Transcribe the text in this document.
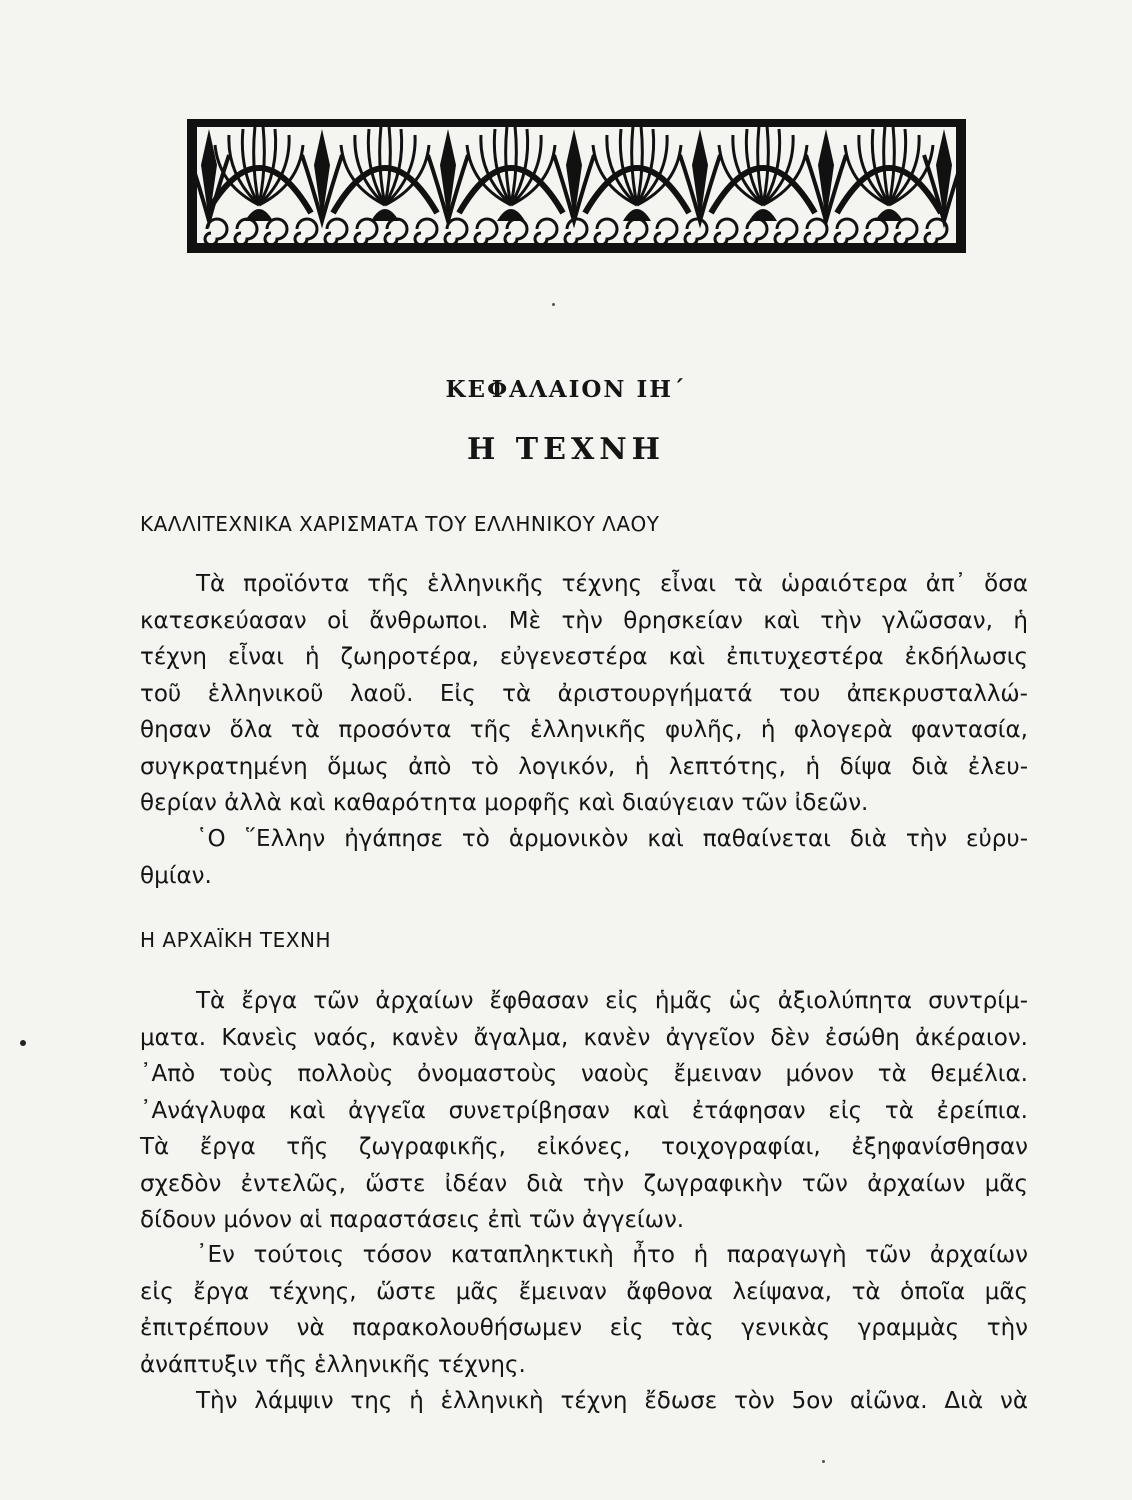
ΚΕΦΑΛΑΙΟΝ ΙΗ΄
Η ΤΕΧΝΗ
ΚΑΛΛΙΤΕΧΝΙΚΑ ΧΑΡΙΣΜΑΤΑ ΤΟΥ ΕΛΛΗΝΙΚΟΥ ΛΑΟΥ

Τὰ προϊόντα τῆς ἑλληνικῆς τέχνης εἶναι τὰ ὡραιότερα ἀπ᾽ ὅσα
κατεσκεύασαν οἱ ἄνθρωποι. Μὲ τὴν θρησκείαν καὶ τὴν γλῶσσαν, ἡ
τέχνη εἶναι ἡ ζωηροτέρα, εὐγενεστέρα καὶ ἐπιτυχεστέρα ἐκδήλωσις
τοῦ ἑλληνικοῦ λαοῦ. Εἰς τὰ ἀριστουργήματά του ἀπεκρυσταλλώ-
θησαν ὅλα τὰ προσόντα τῆς ἑλληνικῆς φυλῆς, ἡ φλογερὰ φαντασία,
συγκρατημένη ὅμως ἀπὸ τὸ λογικόν, ἡ λεπτότης, ἡ δίψα διὰ ἐλευ-
θερίαν ἀλλὰ καὶ καθαρότητα μορφῆς καὶ διαύγειαν τῶν ἰδεῶν.

῾Ο ῞Ελλην ἠγάπησε τὸ ἁρμονικὸν καὶ παθαίνεται διὰ τὴν εὐρυ-
θμίαν.

Η ΑΡΧΑΪΚΗ ΤΕΧΝΗ

Τὰ ἔργα τῶν ἀρχαίων ἔφθασαν εἰς ἡμᾶς ὡς ἀξιολύπητα συντρίμ-
ματα. Κανεὶς ναός, κανὲν ἄγαλμα, κανὲν ἀγγεῖον δὲν ἐσώθη ἀκέραιον.
᾽Απὸ τοὺς πολλοὺς ὀνομαστοὺς ναοὺς ἔμειναν μόνον τὰ θεμέλια.
᾽Ανάγλυφα καὶ ἀγγεῖα συνετρίβησαν καὶ ἐτάφησαν εἰς τὰ ἐρείπια.
Τὰ ἔργα τῆς ζωγραφικῆς, εἰκόνες, τοιχογραφίαι, ἐξηφανίσθησαν
σχεδὸν ἐντελῶς, ὥστε ἰδέαν διὰ τὴν ζωγραφικὴν τῶν ἀρχαίων μᾶς
δίδουν μόνον αἱ παραστάσεις ἐπὶ τῶν ἀγγείων.

᾽Εν τούτοις τόσον καταπληκτικὴ ἦτο ἡ παραγωγὴ τῶν ἀρχαίων
εἰς ἔργα τέχνης, ὥστε μᾶς ἔμειναν ἄφθονα λείψανα, τὰ ὁποῖα μᾶς
ἐπιτρέπουν νὰ παρακολουθήσωμεν εἰς τὰς γενικὰς γραμμὰς τὴν
ἀνάπτυξιν τῆς ἑλληνικῆς τέχνης.

Τὴν λάμψιν της ἡ ἑλληνικὴ τέχνη ἔδωσε τὸν 5ον αἰῶνα. Διὰ νὰ
